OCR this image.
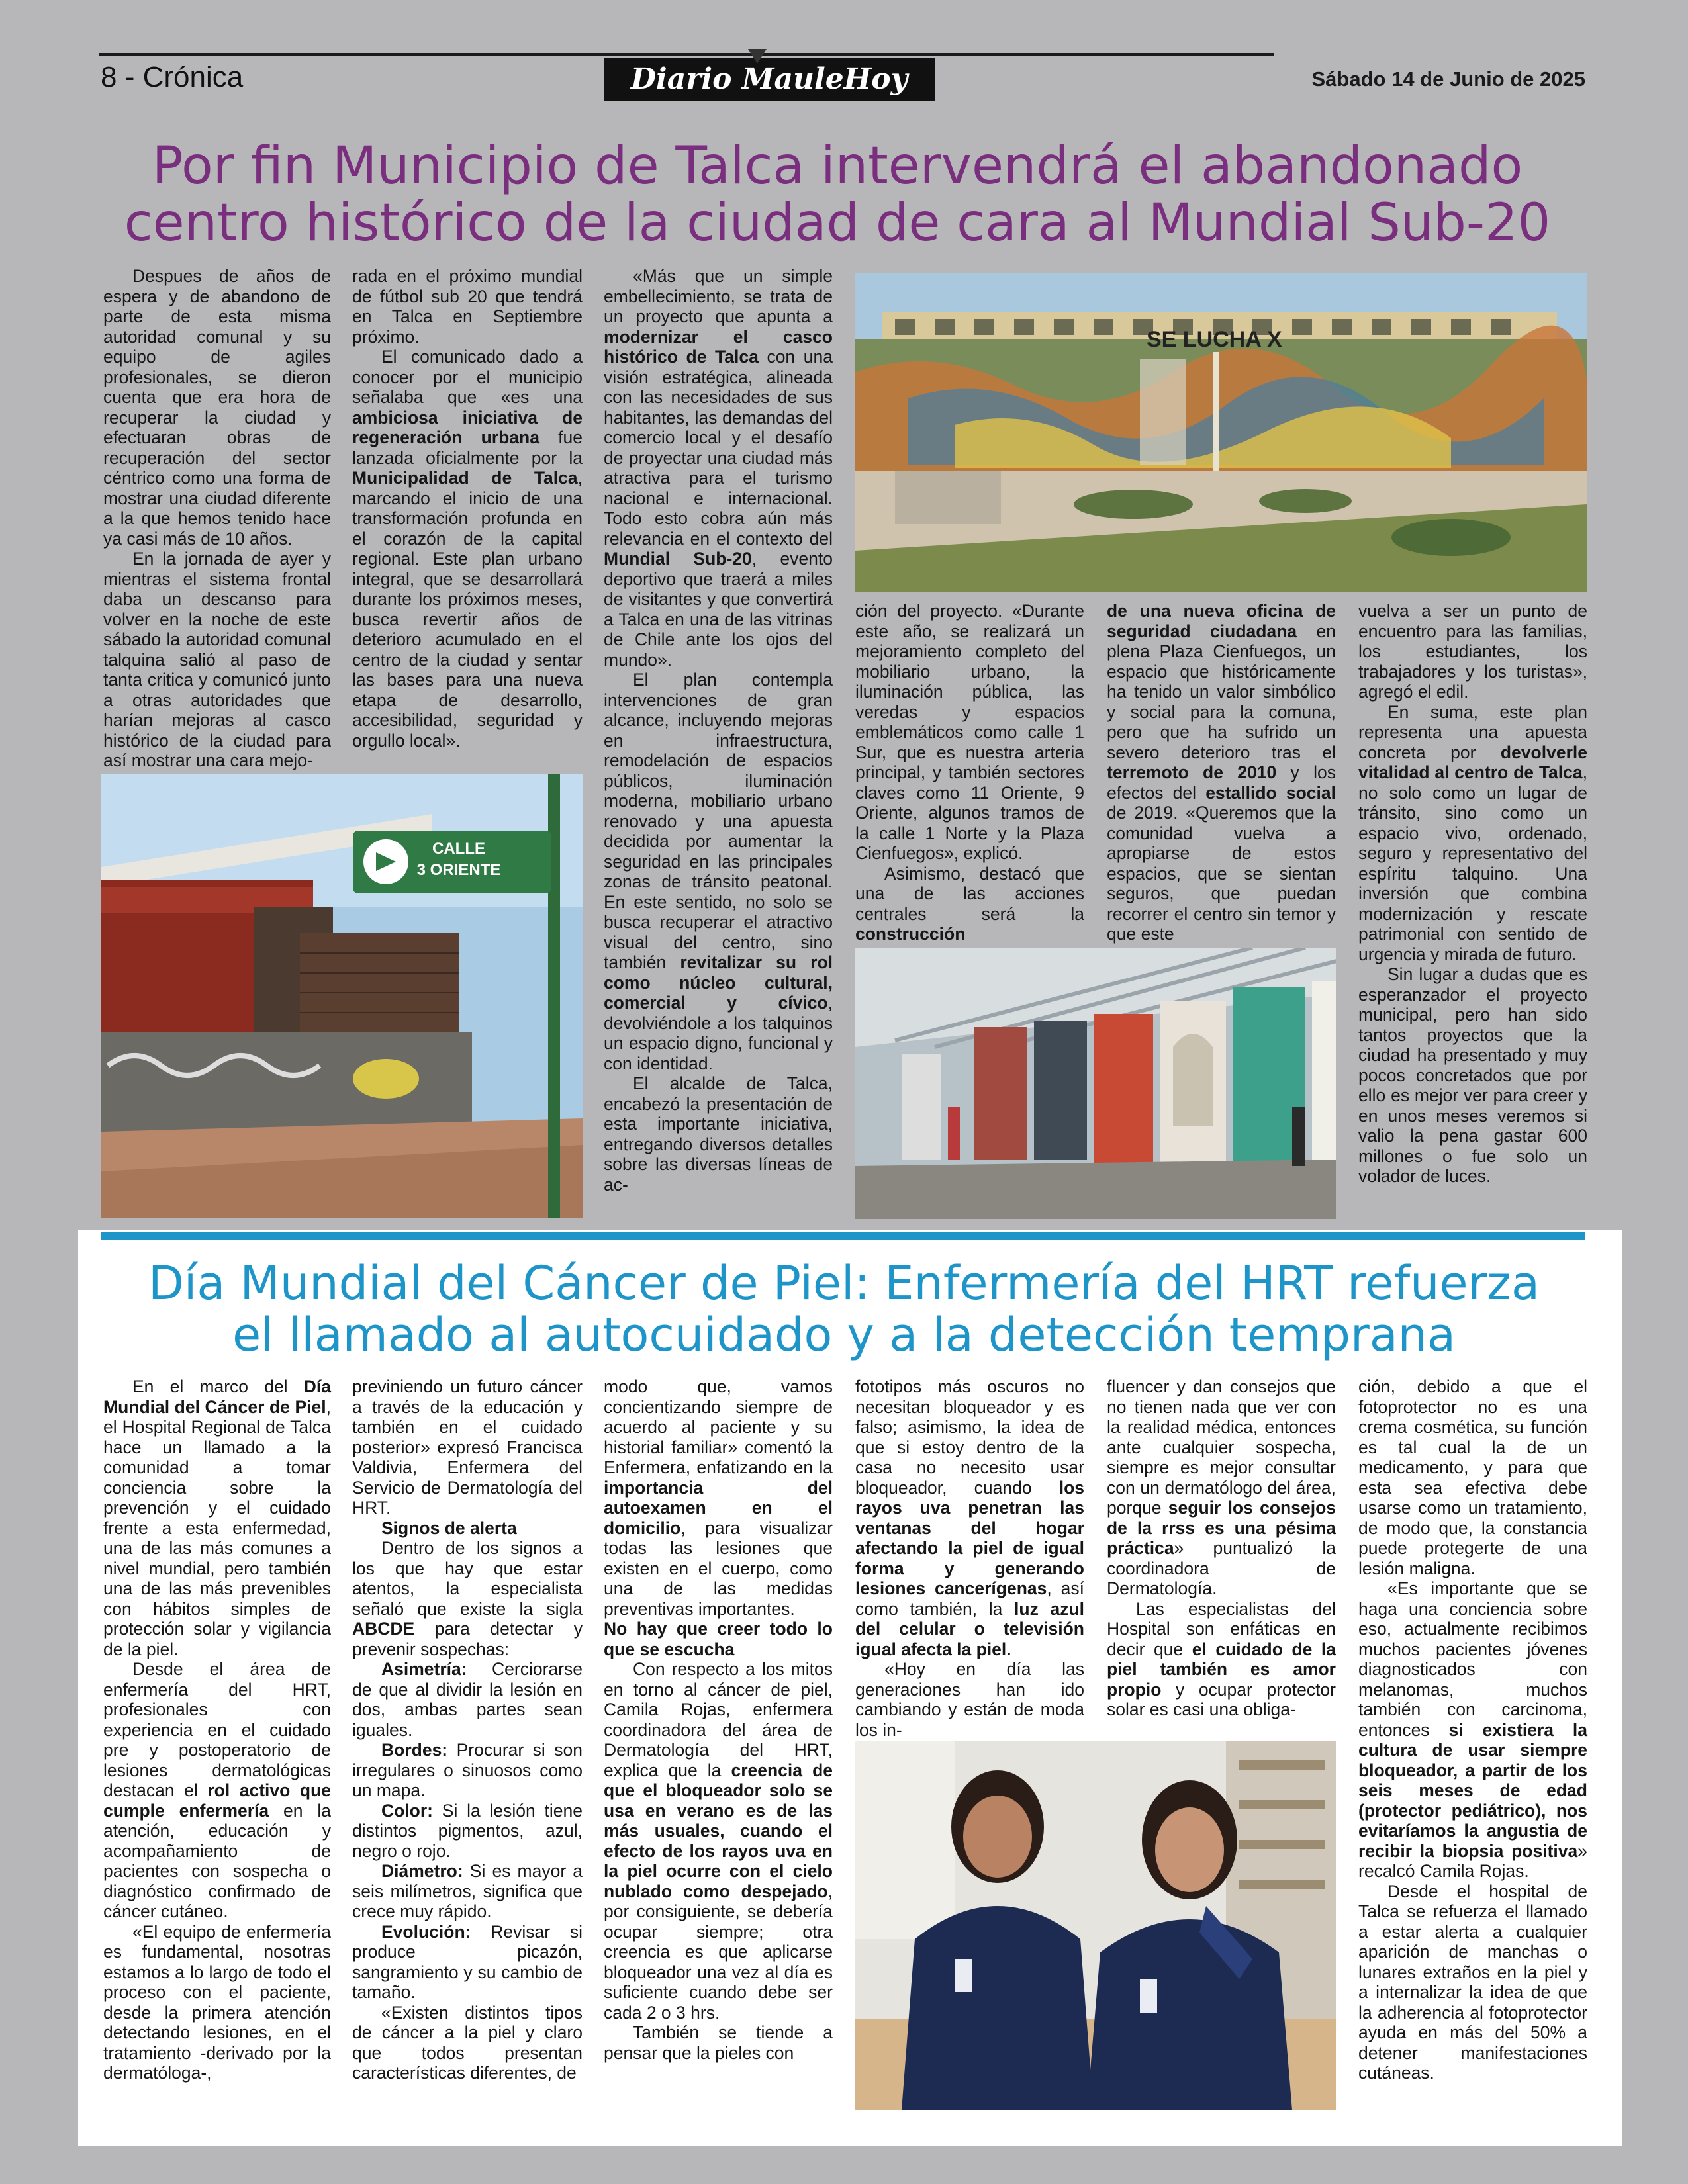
8 - Crónica	Diario MauleHoy	Sábado 14 de Junio de 2025
Por fin Municipio de Talca intervendrá el abandonado
centro histórico de la ciudad de cara al Mundial Sub-20

Despues de años de espera y de abandono de parte de esta misma autoridad comunal y su equipo de agiles profesionales, se dieron cuenta que era hora de recuperar la ciudad y efectuaran obras de recuperación del sector céntrico como una forma de mostrar una ciudad diferente a la que hemos tenido hace ya casi más de 10 años.

En la jornada de ayer y mientras el sistema frontal daba un descanso para volver en la noche de este sábado la autoridad comunal talquina salió al paso de tanta critica y comunicó junto a otras autoridades que harían mejoras al casco histórico de la ciudad para así mostrar una cara mejo-

rada en el próximo mundial de fútbol sub 20 que tendrá en Talca en Septiembre próximo.

El comunicado dado a conocer por el municipio señalaba que «es una ambiciosa iniciativa de regeneración urbana fue lanzada oficialmente por la Municipalidad de Talca, marcando el inicio de una transformación profunda en el corazón de la capital regional. Este plan urbano integral, que se desarrollará durante los próximos meses, busca revertir años de deterioro acumulado en el centro de la ciudad y sentar las bases para una nueva etapa de desarrollo, accesibilidad, seguridad y orgullo local».

«Más que un simple embellecimiento, se trata de un proyecto que apunta a modernizar el casco histórico de Talca con una visión estratégica, alineada con las necesidades de sus habitantes, las demandas del comercio local y el desafío de proyectar una ciudad más atractiva para el turismo nacional e internacional. Todo esto cobra aún más relevancia en el contexto del Mundial Sub-20, evento deportivo que traerá a miles de visitantes y que convertirá a Talca en una de las vitrinas de Chile ante los ojos del mundo».

El plan contempla intervenciones de gran alcance, incluyendo mejoras en infraestructura, remodelación de espacios públicos, iluminación moderna, mobiliario urbano renovado y una apuesta decidida por aumentar la seguridad en las principales zonas de tránsito peatonal. En este sentido, no solo se busca recuperar el atractivo visual del centro, sino también revitalizar su rol como núcleo cultural, comercial y cívico, devolviéndole a los talquinos un espacio digno, funcional y con identidad.

El alcalde de Talca, encabezó la presentación de esta importante iniciativa, entregando diversos detalles sobre las diversas líneas de ac-

ción del proyecto. «Durante este año, se realizará un mejoramiento completo del mobiliario urbano, la iluminación pública, las veredas y espacios emblemáticos como calle 1 Sur, que es nuestra arteria principal, y también sectores claves como 11 Oriente, 9 Oriente, algunos tramos de la calle 1 Norte y la Plaza Cienfuegos», explicó.

Asimismo, destacó que una de las acciones centrales será la construcción

de una nueva oficina de seguridad ciudadana en plena Plaza Cienfuegos, un espacio que históricamente ha tenido un valor simbólico y social para la comuna, pero que ha sufrido un severo deterioro tras el terremoto de 2010 y los efectos del estallido social de 2019. «Queremos que la comunidad vuelva a apropiarse de estos espacios, que se sientan seguros, que puedan recorrer el centro sin temor y que este

vuelva a ser un punto de encuentro para las familias, los estudiantes, los trabajadores y los turistas», agregó el edil.

En suma, este plan representa una apuesta concreta por devolverle vitalidad al centro de Talca, no solo como un lugar de tránsito, sino como un espacio vivo, ordenado, seguro y representativo del espíritu talquino. Una inversión que combina modernización y rescate patrimonial con sentido de urgencia y mirada de futuro.

Sin lugar a dudas que es esperanzador el proyecto municipal, pero han sido tantos proyectos que la ciudad ha presentado y muy pocos concretados que por ello es mejor ver para creer y en unos meses veremos si valio la pena gastar 600 millones o fue solo un volador de luces.

SE LUCHA X
CALLE
3 ORIENTE
Día Mundial del Cáncer de Piel: Enfermería del HRT refuerza
el llamado al autocuidado y a la detección temprana

En el marco del Día Mundial del Cáncer de Piel, el Hospital Regional de Talca hace un llamado a la comunidad a tomar conciencia sobre la prevención y el cuidado frente a esta enfermedad, una de las más comunes a nivel mundial, pero también una de las más prevenibles con hábitos simples de protección solar y vigilancia de la piel.

Desde el área de enfermería del HRT, profesionales con experiencia en el cuidado pre y postoperatorio de lesiones dermatológicas destacan el rol activo que cumple enfermería en la atención, educación y acompañamiento de pacientes con sospecha o diagnóstico confirmado de cáncer cutáneo.

«El equipo de enfermería es fundamental, nosotras estamos a lo largo de todo el proceso con el paciente, desde la primera atención detectando lesiones, en el tratamiento -derivado por la dermatóloga-,

previniendo un futuro cáncer a través de la educación y también en el cuidado posterior» expresó Francisca Valdivia, Enfermera del Servicio de Dermatología del HRT.

Signos de alerta

Dentro de los signos a los que hay que estar atentos, la especialista señaló que existe la sigla ABCDE para detectar y prevenir sospechas:

Asimetría: Cerciorarse de que al dividir la lesión en dos, ambas partes sean iguales.

Bordes: Procurar si son irregulares o sinuosos como un mapa.

Color: Si la lesión tiene distintos pigmentos, azul, negro o rojo.

Diámetro: Si es mayor a seis milímetros, significa que crece muy rápido.

Evolución: Revisar si produce picazón, sangramiento y su cambio de tamaño.

«Existen distintos tipos de cáncer a la piel y claro que todos presentan características diferentes, de

modo que, vamos concientizando siempre de acuerdo al paciente y su historial familiar» comentó la Enfermera, enfatizando en la importancia del autoexamen en el domicilio, para visualizar todas las lesiones que existen en el cuerpo, como una de las medidas preventivas importantes.

No hay que creer todo lo que se escucha

Con respecto a los mitos en torno al cáncer de piel, Camila Rojas, enfermera coordinadora del área de Dermatología del HRT, explica que la creencia de que el bloqueador solo se usa en verano es de las más usuales, cuando el efecto de los rayos uva en la piel ocurre con el cielo nublado como despejado, por consiguiente, se debería ocupar siempre; otra creencia es que aplicarse bloqueador una vez al día es suficiente cuando debe ser cada 2 o 3 hrs.

También se tiende a pensar que la pieles con

fototipos más oscuros no necesitan bloqueador y es falso; asimismo, la idea de que si estoy dentro de la casa no necesito usar bloqueador, cuando los rayos uva penetran las ventanas del hogar afectando la piel de igual forma y generando lesiones cancerígenas, así como también, la luz azul del celular o televisión igual afecta la piel.

«Hoy en día las generaciones han ido cambiando y están de moda los in-

fluencer y dan consejos que no tienen nada que ver con la realidad médica, entonces ante cualquier sospecha, siempre es mejor consultar con un dermatólogo del área, porque seguir los consejos de la rrss es una pésima práctica» puntualizó la coordinadora de Dermatología.

Las especialistas del Hospital son enfáticas en decir que el cuidado de la piel también es amor propio y ocupar protector solar es casi una obliga-

ción, debido a que el fotoprotector no es una crema cosmética, su función es tal cual la de un medicamento, y para que esta sea efectiva debe usarse como un tratamiento, de modo que, la constancia puede protegerte de una lesión maligna.

«Es importante que se haga una conciencia sobre eso, actualmente recibimos muchos pacientes jóvenes diagnosticados con melanomas, muchos también con carcinoma, entonces si existiera la cultura de usar siempre bloqueador, a partir de los seis meses de edad (protector pediátrico), nos evitaríamos la angustia de recibir la biopsia positiva» recalcó Camila Rojas.

Desde el hospital de Talca se refuerza el llamado a estar alerta a cualquier aparición de manchas o lunares extraños en la piel y a internalizar la idea de que la adherencia al fotoprotector ayuda en más del 50% a detener manifestaciones cutáneas.
